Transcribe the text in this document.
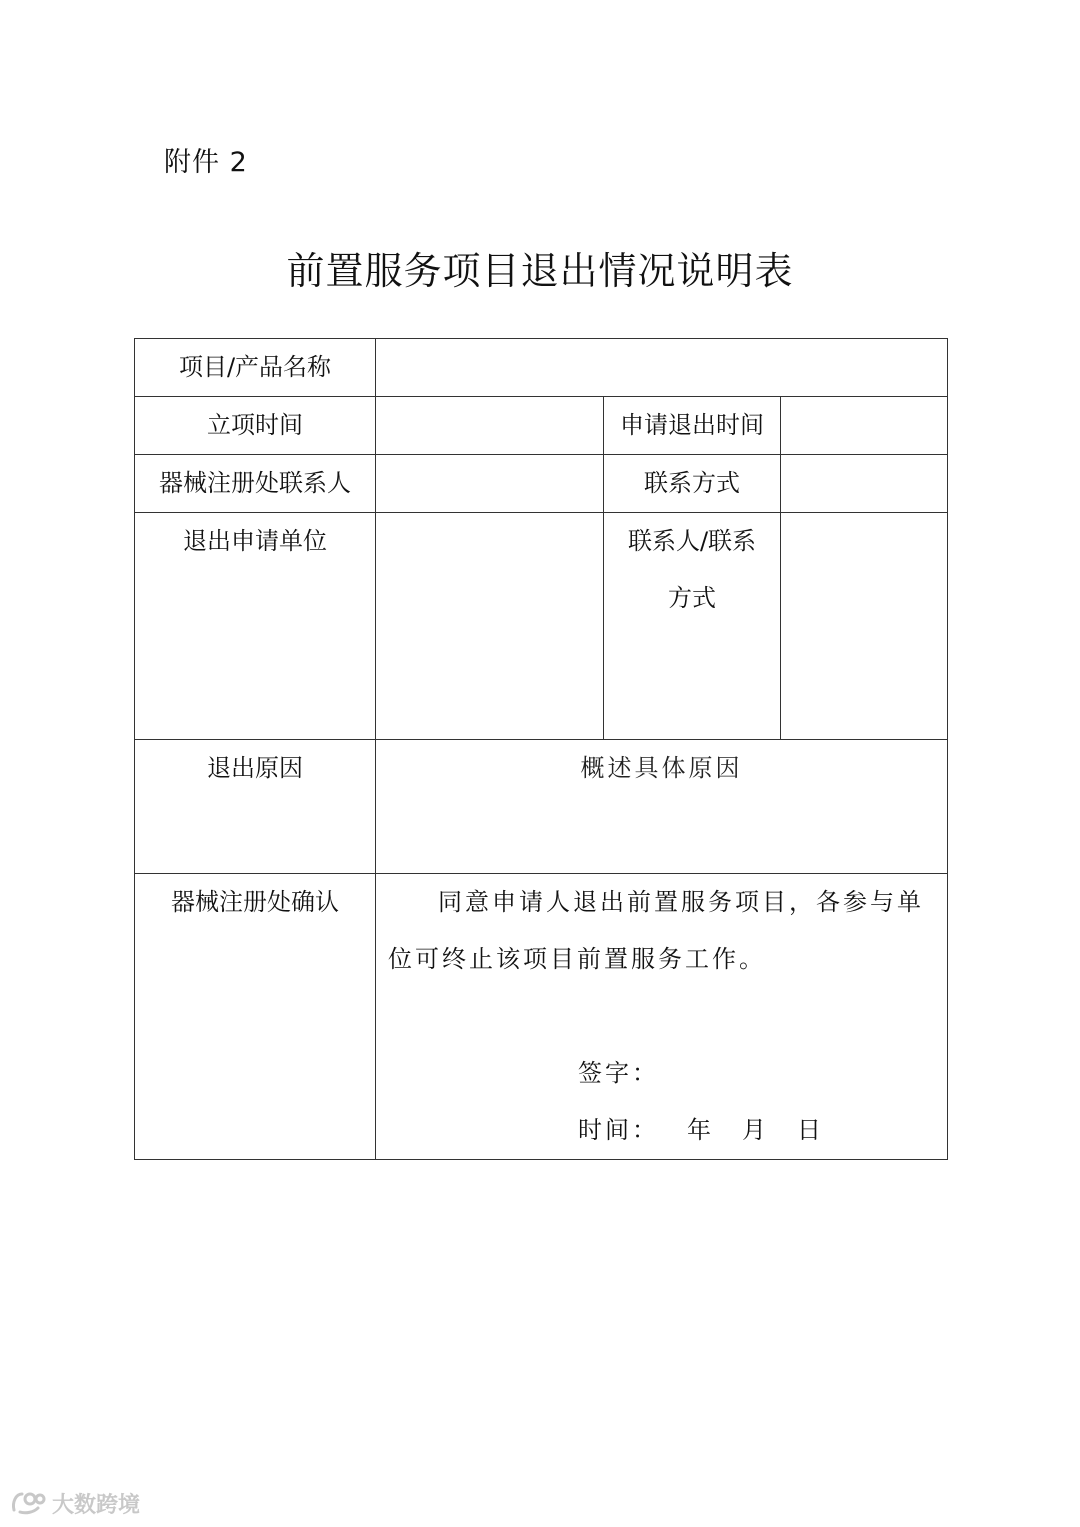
附件 2
前置服务项目退出情况说明表
项目/产品名称			
立项时间		申请退出时间	
器械注册处联系人		联系方式	
退出申请单位		联系人/联系
方式	

退出原因	概述具体原因		

器械注册处确认	同意申请人退出前置服务项目，各参与单位可终止该项目前置服务工作。

签字：

时间： 年 月 日		

大数跨境
